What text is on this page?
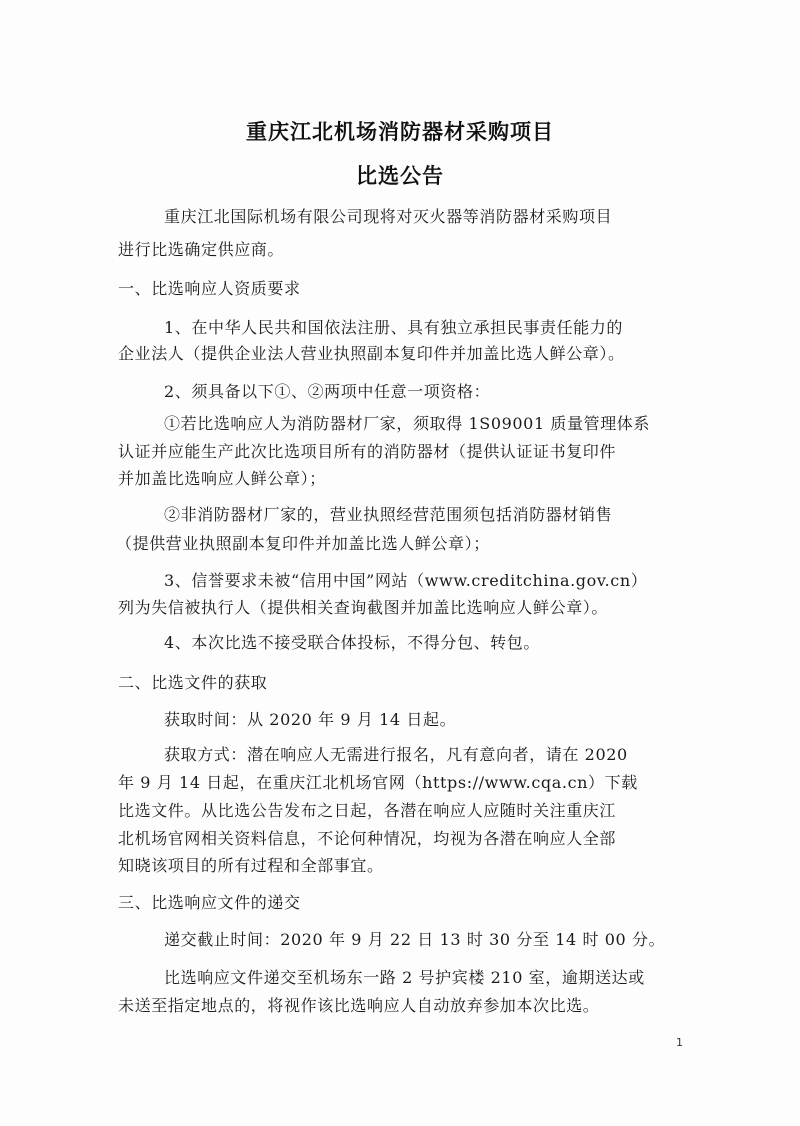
重庆江北机场消防器材采购项目
比选公告
重庆江北国际机场有限公司现将对灭火器等消防器材采购项目
进行比选确定供应商。
一、比选响应人资质要求
1、在中华人民共和国依法注册、具有独立承担民事责任能力的
企业法人（提供企业法人营业执照副本复印件并加盖比选人鲜公章）。
2、须具备以下①、②两项中任意一项资格：
①若比选响应人为消防器材厂家，须取得 1S09001 质量管理体系
认证并应能生产此次比选项目所有的消防器材（提供认证证书复印件
并加盖比选响应人鲜公章）；
②非消防器材厂家的，营业执照经营范围须包括消防器材销售
（提供营业执照副本复印件并加盖比选人鲜公章）；
3、信誉要求未被“信用中国”网站（www.creditchina.gov.cn）
列为失信被执行人（提供相关查询截图并加盖比选响应人鲜公章）。
4、本次比选不接受联合体投标，不得分包、转包。
二、比选文件的获取
获取时间：从 2020 年 9 月 14 日起。
获取方式：潜在响应人无需进行报名，凡有意向者，请在 2020
年 9 月 14 日起，在重庆江北机场官网（https://www.cqa.cn）下载
比选文件。从比选公告发布之日起，各潜在响应人应随时关注重庆江
北机场官网相关资料信息，不论何种情况，均视为各潜在响应人全部
知晓该项目的所有过程和全部事宜。
三、比选响应文件的递交
递交截止时间：2020 年 9 月 22 日 13 时 30 分至 14 时 00 分。
比选响应文件递交至机场东一路 2 号护宾楼 210 室，逾期送达或
未送至指定地点的，将视作该比选响应人自动放弃参加本次比选。
1
